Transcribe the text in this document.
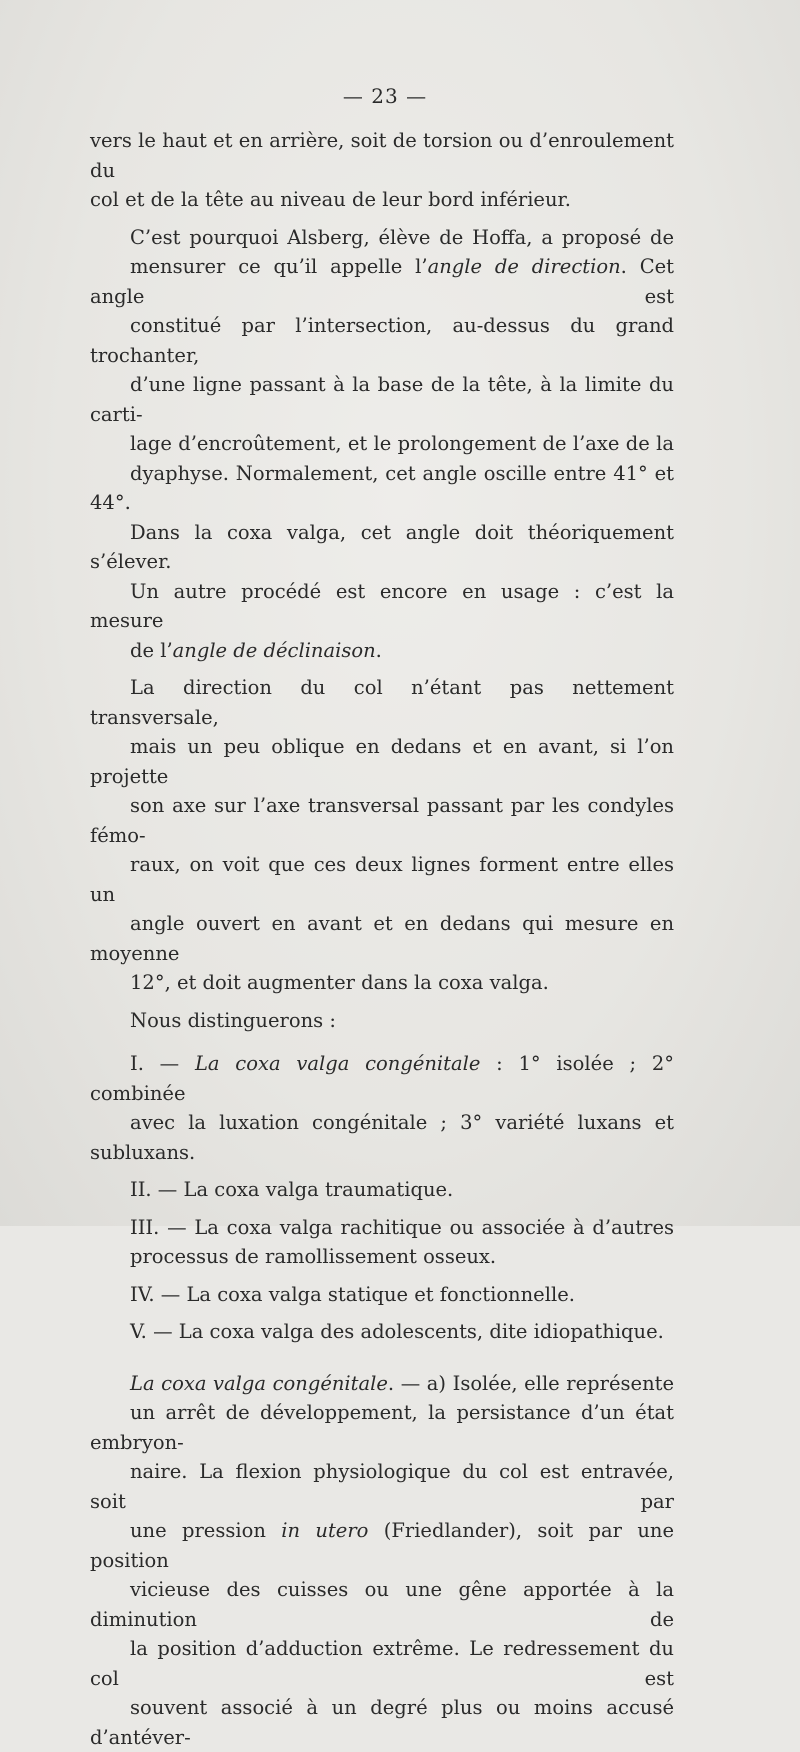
— 23 —

vers le haut et en arrière, soit de torsion ou d’enroulement du
col et de la tête au niveau de leur bord inférieur.

C’est pourquoi Alsberg, élève de Hoffa, a proposé de
mensurer ce qu’il appelle l’angle de direction. Cet angle est
constitué par l’intersection, au-dessus du grand trochanter,
d’une ligne passant à la base de la tête, à la limite du carti-
lage d’encroûtement, et le prolongement de l’axe de la
dyaphyse. Normalement, cet angle oscille entre 41° et 44°.

Dans la coxa valga, cet angle doit théoriquement s’élever.

Un autre procédé est encore en usage : c’est la mesure
de l’angle de déclinaison.

La direction du col n’étant pas nettement transversale,
mais un peu oblique en dedans et en avant, si l’on projette
son axe sur l’axe transversal passant par les condyles fémo-
raux, on voit que ces deux lignes forment entre elles un
angle ouvert en avant et en dedans qui mesure en moyenne
12°, et doit augmenter dans la coxa valga.

Nous distinguerons :

I. — La coxa valga congénitale : 1° isolée ; 2° combinée
avec la luxation congénitale ; 3° variété luxans et subluxans.

II. — La coxa valga traumatique.

III. — La coxa valga rachitique ou associée à d’autres
processus de ramollissement osseux.

IV. — La coxa valga statique et fonctionnelle.

V. — La coxa valga des adolescents, dite idiopathique.

La coxa valga congénitale. — a) Isolée, elle représente
un arrêt de développement, la persistance d’un état embryon-
naire. La flexion physiologique du col est entravée, soit par
une pression in utero (Friedlander), soit par une position
vicieuse des cuisses ou une gêne apportée à la diminution de
la position d’adduction extrême. Le redressement du col est
souvent associé à un degré plus ou moins accusé d’antéver-
